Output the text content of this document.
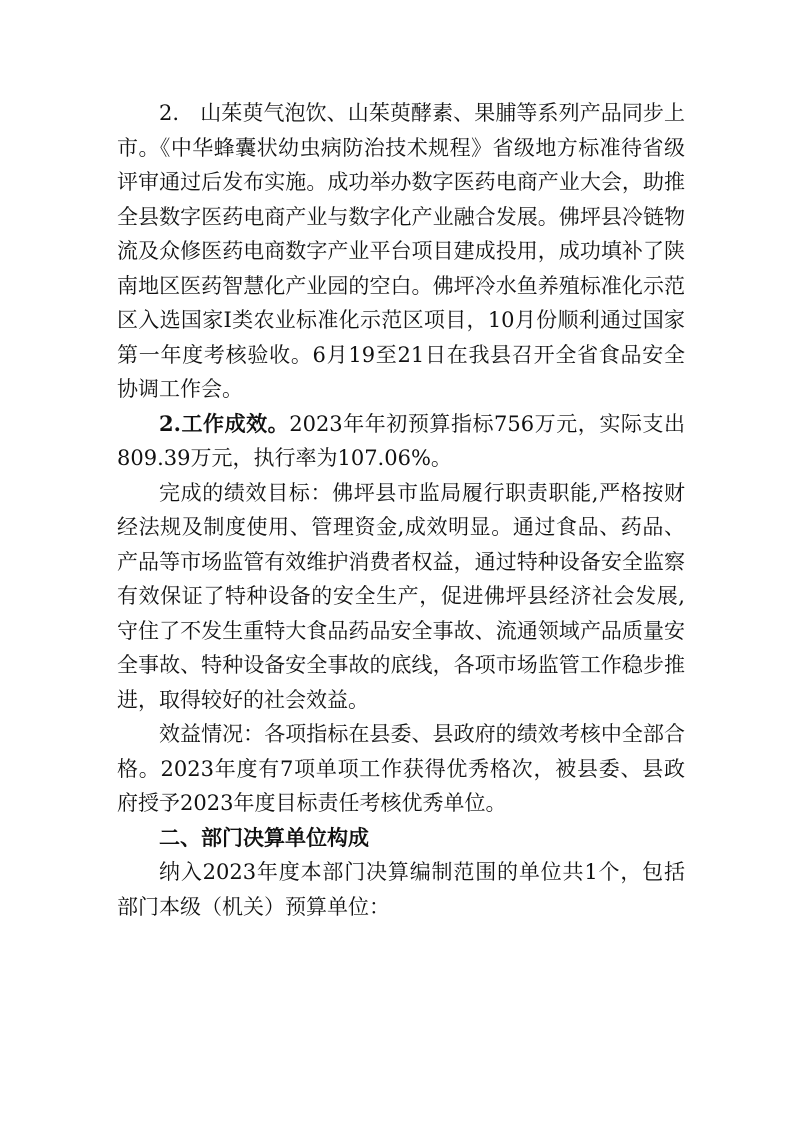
2.　山茱萸气泡饮、山茱萸酵素、果脯等系列产品同步上市。《中华蜂囊状幼虫病防治技术规程》省级地方标准待省级评审通过后发布实施。成功举办数字医药电商产业大会，助推全县数字医药电商产业与数字化产业融合发展。佛坪县冷链物流及众修医药电商数字产业平台项目建成投用，成功填补了陕南地区医药智慧化产业园的空白。佛坪冷水鱼养殖标准化示范区入选国家Ⅰ类农业标准化示范区项目，10月份顺利通过国家第一年度考核验收。6月19至21日在我县召开全省食品安全协调工作会。

2.工作成效。2023年年初预算指标756万元，实际支出809.39万元，执行率为107.06%。

完成的绩效目标：佛坪县市监局履行职责职能,严格按财经法规及制度使用、管理资金,成效明显。通过食品、药品、产品等市场监管有效维护消费者权益，通过特种设备安全监察有效保证了特种设备的安全生产，促进佛坪县经济社会发展,守住了不发生重特大食品药品安全事故、流通领域产品质量安全事故、特种设备安全事故的底线，各项市场监管工作稳步推进，取得较好的社会效益。

效益情况：各项指标在县委、县政府的绩效考核中全部合格。2023年度有7项单项工作获得优秀格次，被县委、县政府授予2023年度目标责任考核优秀单位。

二、部门决算单位构成

纳入2023年度本部门决算编制范围的单位共1个，包括部门本级（机关）预算单位：
